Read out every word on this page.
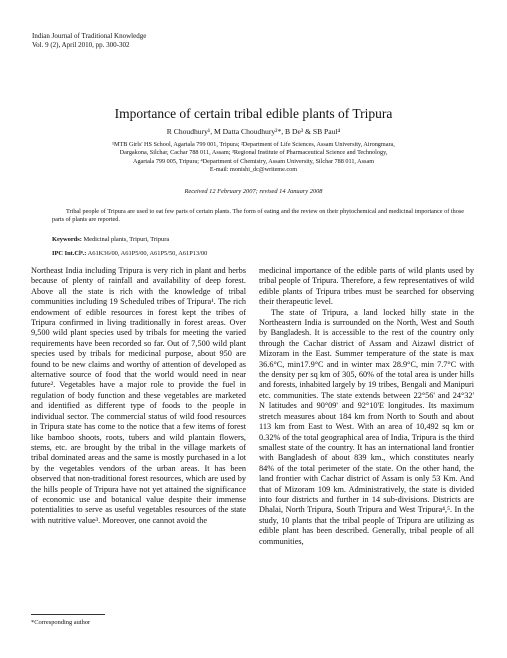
Indian Journal of Traditional Knowledge
Vol. 9 (2), April 2010, pp. 300-302
Importance of certain tribal edible plants of Tripura
R Choudhury¹, M Datta Choudhury²*, B De³ & SB Paul⁴
¹MTB Girls' HS School, Agartala 799 001, Tripura; ²Department of Life Sciences, Assam University, Airongmara,
Dargakona, Silchar, Cachar 788 011, Assam; ³Regional Institute of Pharmaceutical Science and Technology,
Agartala 799 005, Tripura; ⁴Department of Chemistry, Assam University, Silchar 788 011, Assam
E-mail: monishi_dc@writeme.com
Received 12 February 2007; revised 14 January 2008

Tribal people of Tripura are used to eat few parts of certain plants. The form of eating and the review on their phytochemical and medicinal importance of those parts of plants are reported.

Keywords: Medicinal plants, Tripuri, Tripura
IPC Int.Cl⁸.: A61K36/00, A61P5/00, A61P5/50, A61P13/00

Northeast India including Tripura is very rich in plant and herbs because of plenty of rainfall and availability of deep forest. Above all the state is rich with the knowledge of tribal communities including 19 Scheduled tribes of Tripura¹. The rich endowment of edible resources in forest kept the tribes of Tripura confirmed in living traditionally in forest areas. Over 9,500 wild plant species used by tribals for meeting the varied requirements have been recorded so far. Out of 7,500 wild plant species used by tribals for medicinal purpose, about 950 are found to be new claims and worthy of attention of developed as alternative source of food that the world would need in near future². Vegetables have a major role to provide the fuel in regulation of body function and these vegetables are marketed and identified as different type of foods to the people in individual sector. The commercial status of wild food resources in Tripura state has come to the notice that a few items of forest like bamboo shoots, roots, tubers and wild plantain flowers, stems, etc. are brought by the tribal in the village markets of tribal dominated areas and the same is mostly purchased in a lot by the vegetables vendors of the urban areas. It has been observed that non-traditional forest resources, which are used by the hills people of Tripura have not yet attained the significance of economic use and botanical value despite their immense potentialities to serve as useful vegetables resources of the state with nutritive value³. Moreover, one cannot avoid the

medicinal importance of the edible parts of wild plants used by tribal people of Tripura. Therefore, a few representatives of wild edible plants of Tripura tribes must be searched for observing their therapeutic level.

The state of Tripura, a land locked hilly state in the Northeastern India is surrounded on the North, West and South by Bangladesh. It is accessible to the rest of the country only through the Cachar district of Assam and Aizawl district of Mizoram in the East. Summer temperature of the state is max 36.6°C, min17.9°C and in winter max 28.9°C, min 7.7°C with the density per sq km of 305, 60% of the total area is under hills and forests, inhabited largely by 19 tribes, Bengali and Manipuri etc. communities. The state extends between 22°56' and 24°32' N latitudes and 90°09' and 92°10'E longitudes. Its maximum stretch measures about 184 km from North to South and about 113 km from East to West. With an area of 10,492 sq km or 0.32% of the total geographical area of India, Tripura is the third smallest state of the country. It has an international land frontier with Bangladesh of about 839 km., which constitutes nearly 84% of the total perimeter of the state. On the other hand, the land frontier with Cachar district of Assam is only 53 Km. And that of Mizoram 109 km. Administratively, the state is divided into four districts and further in 14 sub-divisions. Districts are Dhalai, North Tripura, South Tripura and West Tripura⁴,⁵. In the study, 10 plants that the tribal people of Tripura are utilizing as edible plant has been described. Generally, tribal people of all communities,

*Corresponding author
